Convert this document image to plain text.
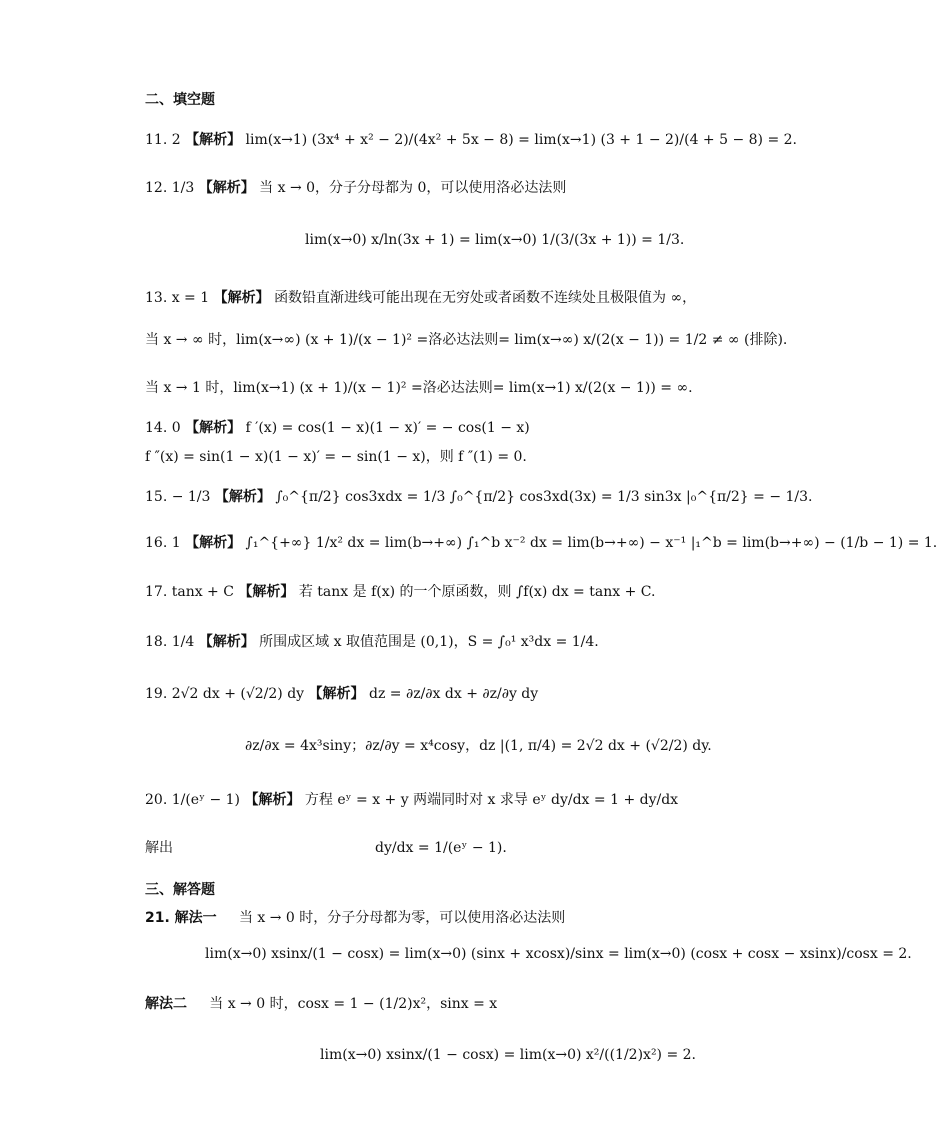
二、填空题
11. 2 【解析】 lim(x→1) (3x⁴ + x² − 2)/(4x² + 5x − 8) = lim(x→1) (3 + 1 − 2)/(4 + 5 − 8) = 2.
12. 1/3 【解析】 当 x → 0，分子分母都为 0，可以使用洛必达法则
lim(x→0) x/ln(3x + 1) = lim(x→0) 1/(3/(3x + 1)) = 1/3.
13. x = 1 【解析】 函数铅直渐进线可能出现在无穷处或者函数不连续处且极限值为 ∞，
当 x → ∞ 时，lim(x→∞) (x + 1)/(x − 1)² =洛必达法则= lim(x→∞) x/(2(x − 1)) = 1/2 ≠ ∞ (排除).
当 x → 1 时，lim(x→1) (x + 1)/(x − 1)² =洛必达法则= lim(x→1) x/(2(x − 1)) = ∞.
14. 0 【解析】 f ′(x) = cos(1 − x)(1 − x)′ = − cos(1 − x)
f ″(x) = sin(1 − x)(1 − x)′ = − sin(1 − x)，则 f ″(1) = 0.
15. − 1/3 【解析】 ∫₀^{π/2} cos3xdx = 1/3 ∫₀^{π/2} cos3xd(3x) = 1/3 sin3x |₀^{π/2} = − 1/3.
16. 1 【解析】 ∫₁^{+∞} 1/x² dx = lim(b→+∞) ∫₁^b x⁻² dx = lim(b→+∞) − x⁻¹ |₁^b = lim(b→+∞) − (1/b − 1) = 1.
17. tanx + C 【解析】 若 tanx 是 f(x) 的一个原函数，则 ∫f(x) dx = tanx + C.
18. 1/4 【解析】 所围成区域 x 取值范围是 (0,1)，S = ∫₀¹ x³dx = 1/4.
19. 2√2 dx + (√2/2) dy 【解析】 dz = ∂z/∂x dx + ∂z/∂y dy
∂z/∂x = 4x³siny；∂z/∂y = x⁴cosy，dz |(1, π/4) = 2√2 dx + (√2/2) dy.
20. 1/(eʸ − 1) 【解析】 方程 eʸ = x + y 两端同时对 x 求导 eʸ dy/dx = 1 + dy/dx
解出	dy/dx = 1/(eʸ − 1).
三、解答题
21. 解法一 当 x → 0 时，分子分母都为零，可以使用洛必达法则
lim(x→0) xsinx/(1 − cosx) = lim(x→0) (sinx + xcosx)/sinx = lim(x→0) (cosx + cosx − xsinx)/cosx = 2.
解法二 当 x → 0 时，cosx = 1 − (1/2)x²，sinx = x
lim(x→0) xsinx/(1 − cosx) = lim(x→0) x²/((1/2)x²) = 2.
